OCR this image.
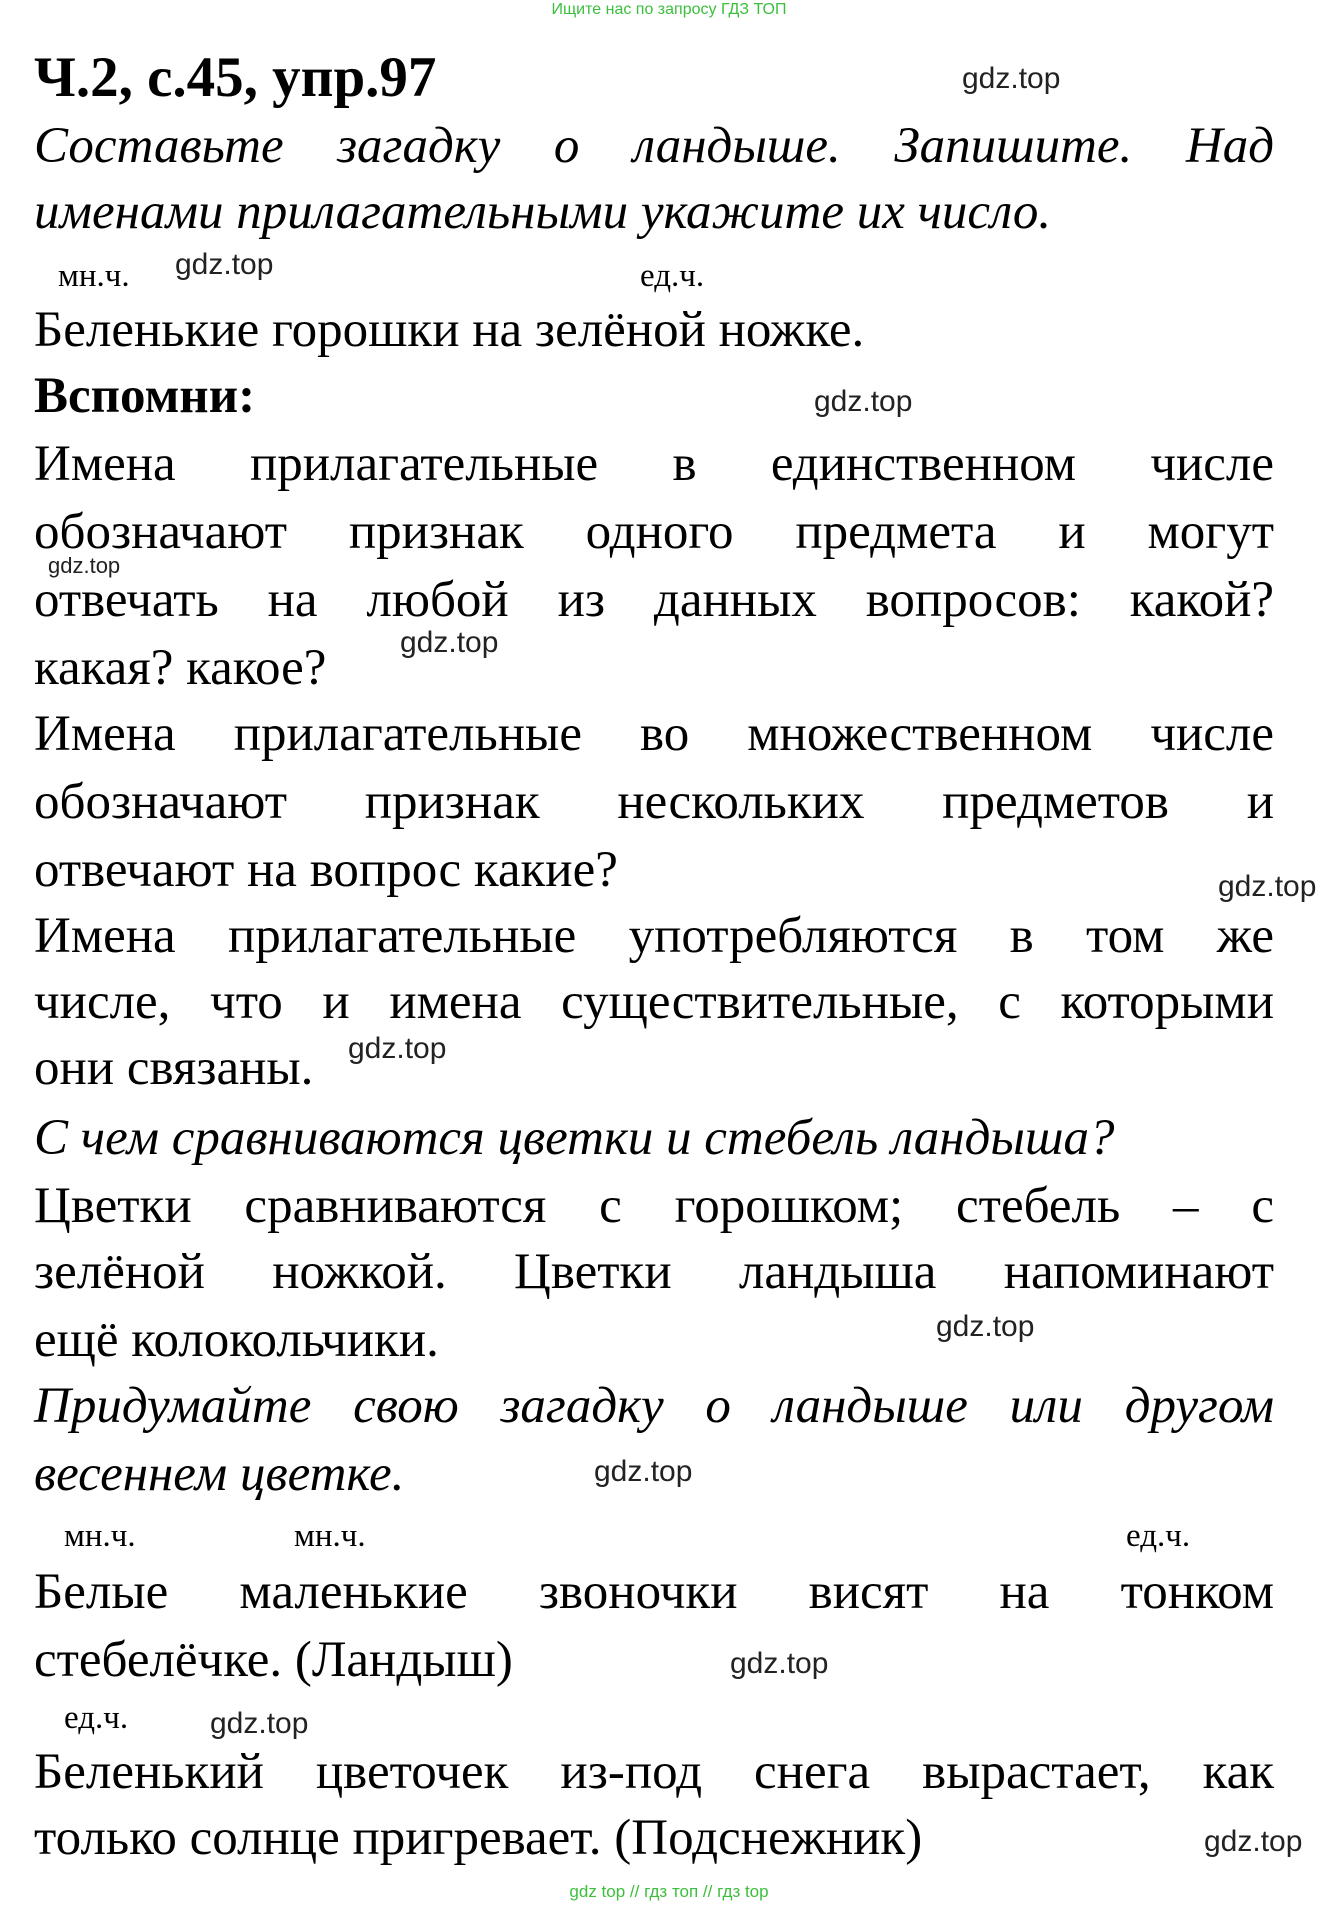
Ищите нас по запросу ГДЗ ТОП
Ч.2, с.45, упр.97	gdz.top
Составьте загадку о ландыше. Запишите. Над
именами прилагательными укажите их число.
мн.ч. gdz.top	ед.ч.
Беленькие горошки на зелёной ножке.
Вспомни:	gdz.top
Имена прилагательные в единственном числе
обозначают признак одного предмета и могут
gdz.top
отвечать на любой из данных вопросов: какой?
какая? какое?	gdz.top
Имена прилагательные во множественном числе
обозначают признак нескольких предметов и
отвечают на вопрос какие?	gdz.top
Имена прилагательные употребляются в том же
числе, что и имена существительные, с которыми
они связаны.	gdz.top
С чем сравниваются цветки и стебель ландыша?
Цветки сравниваются с горошком; стебель – с
зелёной ножкой. Цветки ландыша напоминают
ещё колокольчики.	gdz.top
Придумайте свою загадку о ландыше или другом
весеннем цветке.	gdz.top
мн.ч.	мн.ч.	ед.ч.
Белые маленькие звоночки висят на тонком
стебелёчке. (Ландыш)	gdz.top
ед.ч.	gdz.top
Беленький цветочек из-под снега вырастает, как
только солнце пригревает. (Подснежник)	gdz.top
gdz top // гдз топ // гдз top
